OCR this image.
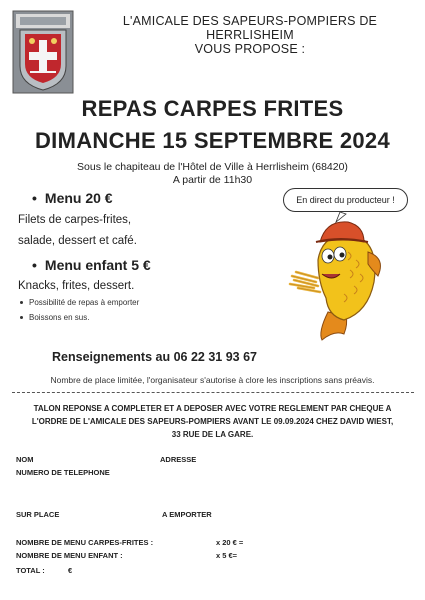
L'AMICALE DES SAPEURS-POMPIERS DE
HERRLISHEIM
VOUS PROPOSE :
REPAS CARPES FRITES
DIMANCHE 15 SEPTEMBRE 2024
Sous le chapiteau de l'Hôtel de Ville à Herrlisheim (68420)
A partir de 11h30
• Menu 20 €
Filets de carpes-frites,
salade, dessert et café.
• Menu enfant 5 €
Knacks, frites, dessert.
Possibilité de repas à emporter
Boissons en sus.
En direct du producteur !
Renseignements au 06 22 31 93 67
Nombre de place limitée, l'organisateur s'autorise à clore les inscriptions sans préavis.
TALON REPONSE A COMPLETER ET A DEPOSER AVEC VOTRE REGLEMENT PAR CHEQUE A
L'ORDRE DE L'AMICALE DES SAPEURS-POMPIERS AVANT LE 09.09.2024 CHEZ DAVID WIEST,
33 RUE DE LA GARE.
NOM	ADRESSE
NUMERO DE TELEPHONE
SUR PLACE	A EMPORTER
NOMBRE DE MENU CARPES-FRITES :	x 20 € =
NOMBRE DE MENU ENFANT :	x 5 €=
TOTAL :	€
